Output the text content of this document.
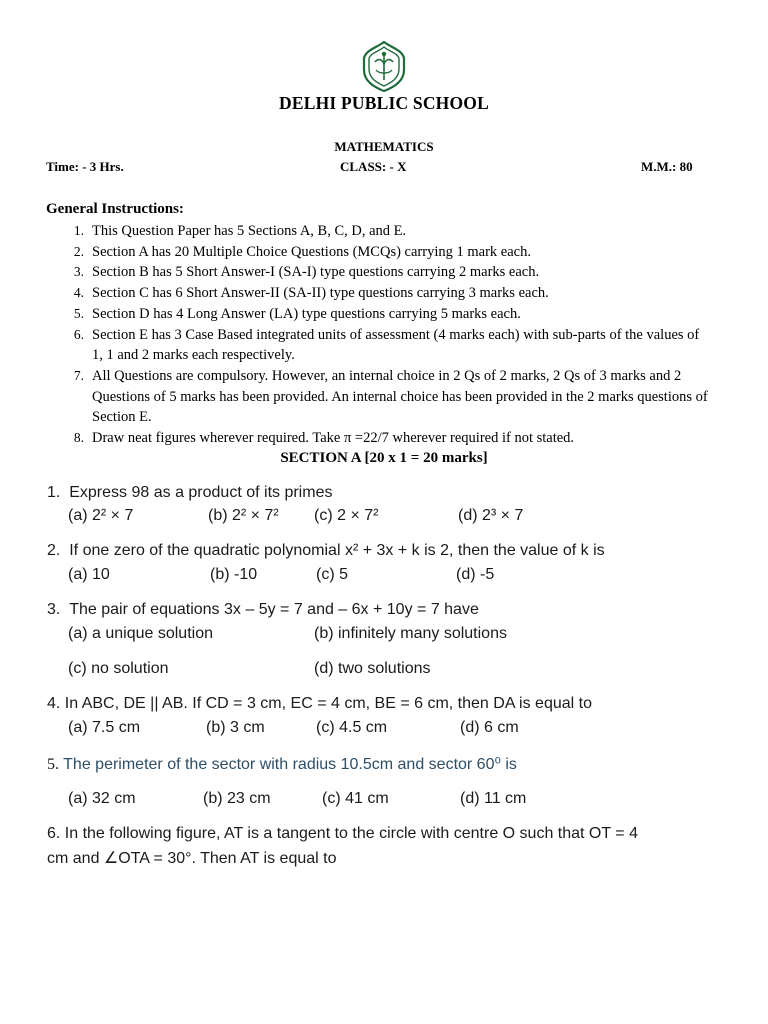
DELHI PUBLIC SCHOOL
MATHEMATICS
Time: - 3 Hrs.	CLASS: - X	M.M.: 80
General Instructions:
1. This Question Paper has 5 Sections A, B, C, D, and E.
2. Section A has 20 Multiple Choice Questions (MCQs) carrying 1 mark each.
3. Section B has 5 Short Answer-I (SA-I) type questions carrying 2 marks each.
4. Section C has 6 Short Answer-II (SA-II) type questions carrying 3 marks each.
5. Section D has 4 Long Answer (LA) type questions carrying 5 marks each.
6. Section E has 3 Case Based integrated units of assessment (4 marks each) with sub-parts of the values of 1, 1 and 2 marks each respectively.
7. All Questions are compulsory. However, an internal choice in 2 Qs of 2 marks, 2 Qs of 3 marks and 2 Questions of 5 marks has been provided. An internal choice has been provided in the 2 marks questions of Section E.
8. Draw neat figures wherever required. Take π =22/7 wherever required if not stated.
SECTION A [20 x 1 = 20 marks]
1. Express 98 as a product of its primes
(a) 2² × 7	(b) 2² × 7² (c) 2 × 7²	(d) 2³ × 7
2. If one zero of the quadratic polynomial x² + 3x + k is 2, then the value of k is
(a) 10	(b) -10	(c) 5	(d) -5
3. The pair of equations 3x – 5y = 7 and – 6x + 10y = 7 have
(a) a unique solution	(b) infinitely many solutions
(c) no solution	(d) two solutions
4. In ABC, DE || AB. If CD = 3 cm, EC = 4 cm, BE = 6 cm, then DA is equal to
(a) 7.5 cm	(b) 3 cm	(c) 4.5 cm	(d) 6 cm
5. The perimeter of the sector with radius 10.5cm and sector 60⁰ is
(a) 32 cm	(b) 23 cm	(c) 41 cm	(d) 11 cm
6. In the following figure, AT is a tangent to the circle with centre O such that OT = 4
cm and ∠OTA = 30°. Then AT is equal to
